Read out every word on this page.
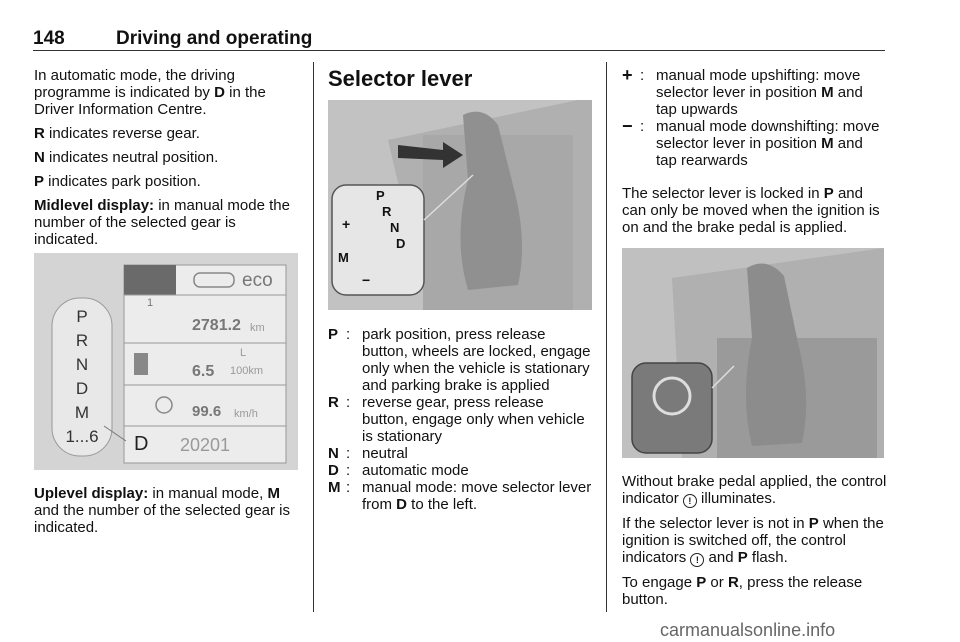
148	Driving and operating

In automatic mode, the driving programme is indicated by D in the Driver Information Centre.

R indicates reverse gear.

N indicates neutral position.

P indicates park position.

Midlevel display: in manual mode the number of the selected gear is indicated.

P
R
N
D
M
1...6
eco
1
2781.2 km
6.5
L
100km
99.6 km/h
D 20201

Uplevel display: in manual mode, M and the number of the selected gear is indicated.

Selector lever
P
R
N
D
M
+
−
P : park position, press release button, wheels are locked, engage only when the vehicle is stationary and parking brake is applied
R : reverse gear, press release button, engage only when vehicle is stationary
N : neutral
D : automatic mode
M : manual mode: move selector lever from D to the left.
+ : manual mode upshifting: move selector lever in position M and tap upwards
− : manual mode downshifting: move selector lever in position M and tap rearwards

The selector lever is locked in P and can only be moved when the ignition is on and the brake pedal is applied.

Without brake pedal applied, the control indicator ! illuminates.

If the selector lever is not in P when the ignition is switched off, the control indicators ! and P flash.

To engage P or R, press the release button.

carmanualsonline.info
